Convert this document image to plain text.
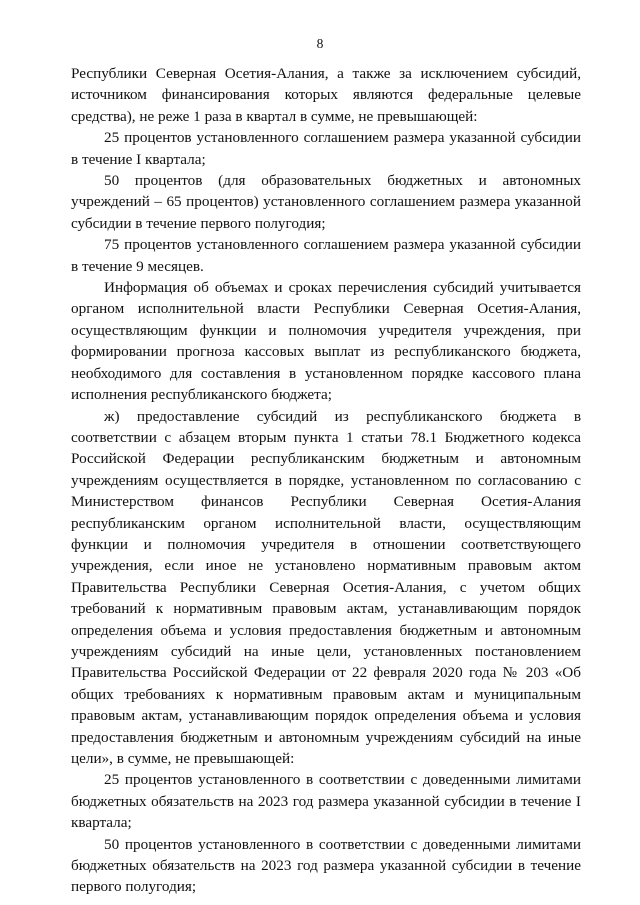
8

Республики Северная Осетия-Алания, а также за исключением субсидий, источником финансирования которых являются федеральные целевые средства), не реже 1 раза в квартал в сумме, не превышающей:

25 процентов установленного соглашением размера указанной субсидии в течение I квартала;

50 процентов (для образовательных бюджетных и автономных учреждений – 65 процентов) установленного соглашением размера указанной субсидии в течение первого полугодия;

75 процентов установленного соглашением размера указанной субсидии в течение 9 месяцев.

Информация об объемах и сроках перечисления субсидий учитывается органом исполнительной власти Республики Северная Осетия-Алания, осуществляющим функции и полномочия учредителя учреждения, при формировании прогноза кассовых выплат из республиканского бюджета, необходимого для составления в установленном порядке кассового плана исполнения республиканского бюджета;

ж) предоставление субсидий из республиканского бюджета в соответствии с абзацем вторым пункта 1 статьи 78.1 Бюджетного кодекса Российской Федерации республиканским бюджетным и автономным учреждениям осуществляется в порядке, установленном по согласованию с Министерством финансов Республики Северная Осетия-Алания республиканским органом исполнительной власти, осуществляющим функции и полномочия учредителя в отношении соответствующего учреждения, если иное не установлено нормативным правовым актом Правительства Республики Северная Осетия-Алания, с учетом общих требований к нормативным правовым актам, устанавливающим порядок определения объема и условия предоставления бюджетным и автономным учреждениям субсидий на иные цели, установленных постановлением Правительства Российской Федерации от 22 февраля 2020 года № 203 «Об общих требованиях к нормативным правовым актам и муниципальным правовым актам, устанавливающим порядок определения объема и условия предоставления бюджетным и автономным учреждениям субсидий на иные цели», в сумме, не превышающей:

25 процентов установленного в соответствии с доведенными лимитами бюджетных обязательств на 2023 год размера указанной субсидии в течение I квартала;

50 процентов установленного в соответствии с доведенными лимитами бюджетных обязательств на 2023 год размера указанной субсидии в течение первого полугодия;
